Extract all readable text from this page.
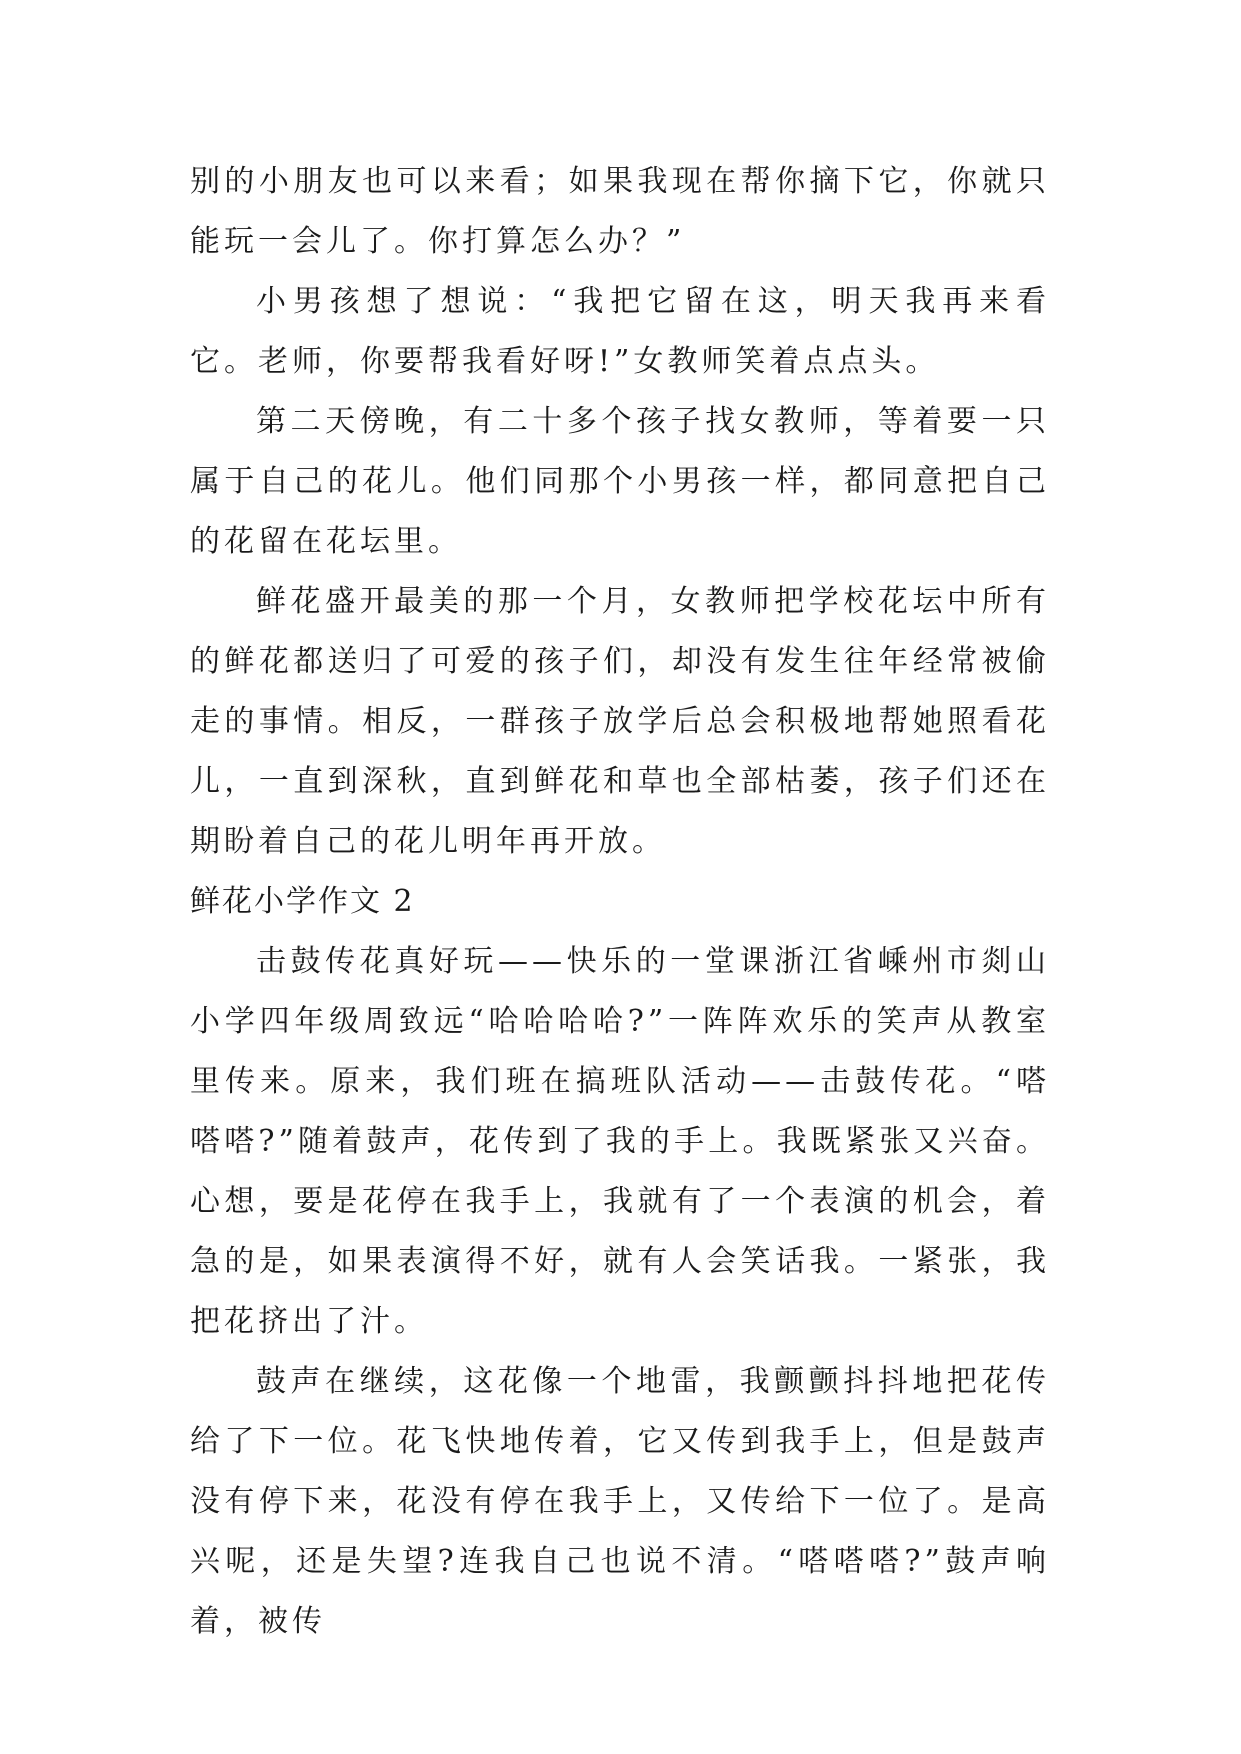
别的小朋友也可以来看；如果我现在帮你摘下它，你就只能玩一会儿了。你打算怎么办？”

小男孩想了想说：“我把它留在这，明天我再来看它。老师，你要帮我看好呀!”女教师笑着点点头。

第二天傍晚，有二十多个孩子找女教师，等着要一只属于自己的花儿。他们同那个小男孩一样，都同意把自己的花留在花坛里。

鲜花盛开最美的那一个月，女教师把学校花坛中所有的鲜花都送归了可爱的孩子们，却没有发生往年经常被偷走的事情。相反，一群孩子放学后总会积极地帮她照看花儿，一直到深秋，直到鲜花和草也全部枯萎，孩子们还在期盼着自己的花儿明年再开放。

鲜花小学作文 2

击鼓传花真好玩——快乐的一堂课浙江省嵊州市剡山小学四年级周致远“哈哈哈哈?”一阵阵欢乐的笑声从教室里传来。原来，我们班在搞班队活动——击鼓传花。“嗒嗒嗒?”随着鼓声，花传到了我的手上。我既紧张又兴奋。心想，要是花停在我手上，我就有了一个表演的机会，着急的是，如果表演得不好，就有人会笑话我。一紧张，我把花挤出了汁。

鼓声在继续，这花像一个地雷，我颤颤抖抖地把花传给了下一位。花飞快地传着，它又传到我手上，但是鼓声没有停下来，花没有停在我手上，又传给下一位了。是高兴呢，还是失望?连我自己也说不清。“嗒嗒嗒?”鼓声响着，被传
